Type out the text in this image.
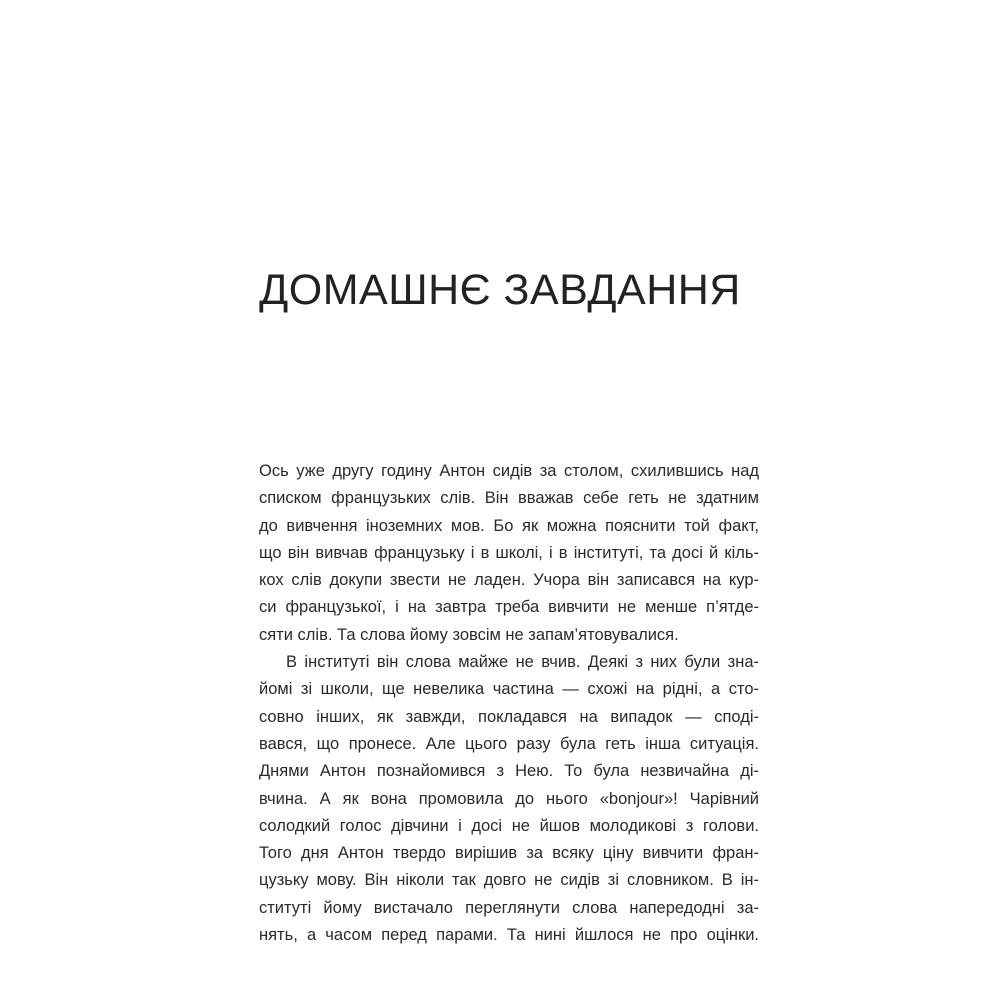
ДОМАШНЄ ЗАВДАННЯ
Ось уже другу годину Антон сидів за столом, схилившись над
списком французьких слів. Він вважав себе геть не здатним
до вивчення іноземних мов. Бо як можна пояснити той факт,
що він вивчав французьку і в школі, і в інституті, та досі й кіль-
кох слів докупи звести не ладен. Учора він записався на кур-
си французької, і на завтра треба вивчити не менше п’ятде-
сяти слів. Та слова йому зовсім не запам’ятовувалися.
В інституті він слова майже не вчив. Деякі з них були зна-
йомі зі школи, ще невелика частина — схожі на рідні, а сто-
совно інших, як завжди, покладався на випадок — сподi-
вався, що пронесе. Але цього разу була геть інша ситуація.
Днями Антон познайомився з Нею. То була незвичайна ді-
вчина. А як вона промовила до нього «bonjour»! Чарівний
солодкий голос дівчини і досі не йшов молодикові з голови.
Того дня Антон твердо вирішив за всяку ціну вивчити фран-
цузьку мову. Він ніколи так довго не сидів зі словником. В ін-
ституті йому вистачало переглянути слова напередодні за-
нять, а часом перед парами. Та нині йшлося не про оцінки.
